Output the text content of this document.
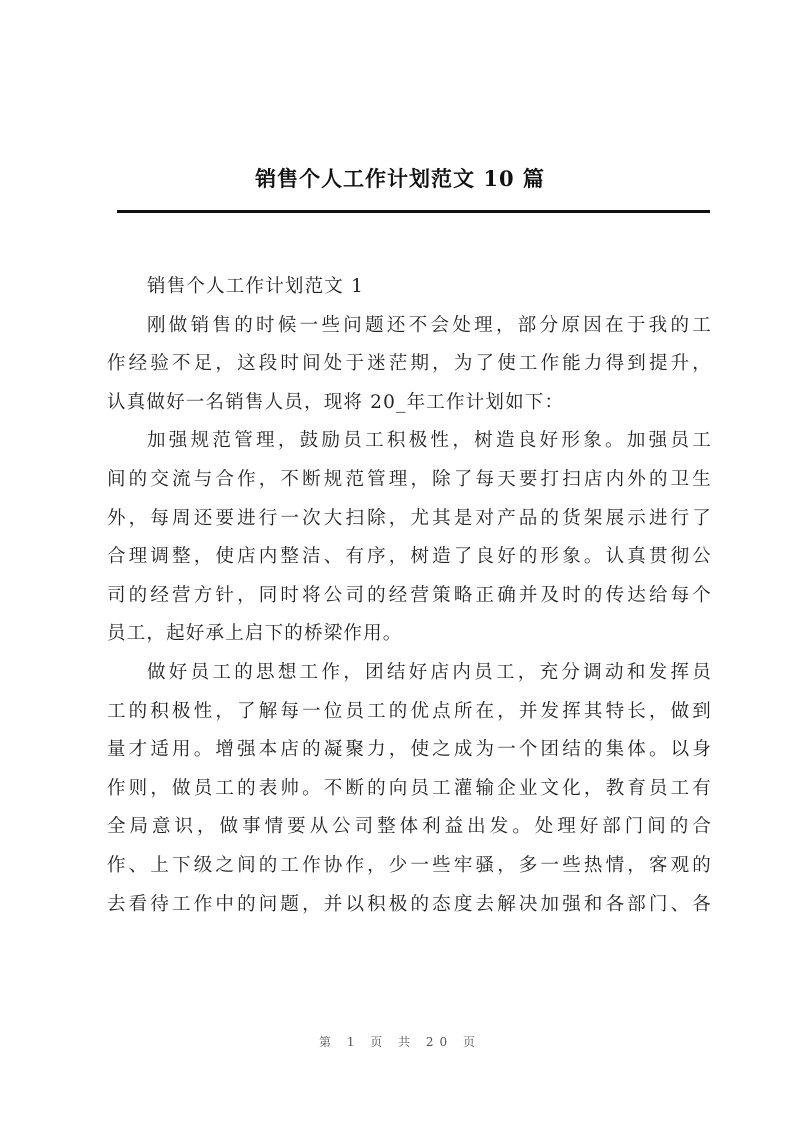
销售个人工作计划范文 10 篇
销售个人工作计划范文 1
刚做销售的时候一些问题还不会处理，部分原因在于我的工
作经验不足，这段时间处于迷茫期，为了使工作能力得到提升，
认真做好一名销售人员，现将 20_年工作计划如下：
加强规范管理，鼓励员工积极性，树造良好形象。加强员工
间的交流与合作，不断规范管理，除了每天要打扫店内外的卫生
外，每周还要进行一次大扫除，尤其是对产品的货架展示进行了
合理调整，使店内整洁、有序，树造了良好的形象。认真贯彻公
司的经营方针，同时将公司的经营策略正确并及时的传达给每个
员工，起好承上启下的桥梁作用。
做好员工的思想工作，团结好店内员工，充分调动和发挥员
工的积极性，了解每一位员工的优点所在，并发挥其特长，做到
量才适用。增强本店的凝聚力，使之成为一个团结的集体。以身
作则，做员工的表帅。不断的向员工灌输企业文化，教育员工有
全局意识，做事情要从公司整体利益出发。处理好部门间的合
作、上下级之间的工作协作，少一些牢骚，多一些热情，客观的
去看待工作中的问题，并以积极的态度去解决加强和各部门、各
第 1 页 共 20 页
